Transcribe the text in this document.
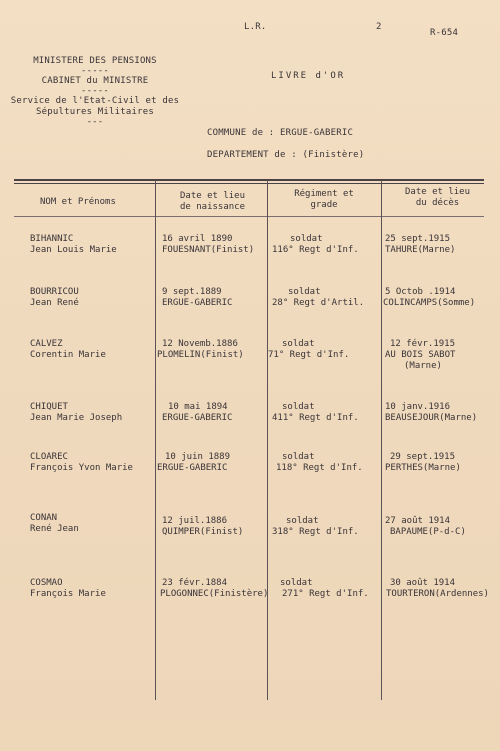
L.R.	2
R-654
MINISTERE DES PENSIONS
-----
CABINET du MINISTRE
-----
Service de l'Etat-Civil et des
Sépultures Militaires
---
LIVRE d'OR
COMMUNE de : ERGUE-GABERIC
DEPARTEMENT de : (Finistère)
NOM et Prénoms
Date et lieu
de naissance
Régiment et
grade
Date et lieu
du décès
BIHANNIC
Jean Louis Marie
16 avril 1890
FOUESNANT(Finist)
soldat
116° Regt d'Inf.
25 sept.1915
TAHURE(Marne)
BOURRICOU
Jean René
9 sept.1889
ERGUE-GABERIC
soldat
28° Regt d'Artil.
5 Octob .1914
COLINCAMPS(Somme)
CALVEZ
Corentin Marie
12 Novemb.1886
PLOMELIN(Finist)
soldat
71° Regt d'Inf.
12 févr.1915
AU BOIS SABOT
(Marne)
CHIQUET
Jean Marie Joseph
10 mai 1894
ERGUE-GABERIC
soldat
411° Regt d'Inf.
10 janv.1916
BEAUSEJOUR(Marne)
CLOAREC
François Yvon Marie
10 juin 1889
ERGUE-GABERIC
soldat
118° Regt d'Inf.
29 sept.1915
PERTHES(Marne)
CONAN
René Jean
12 juil.1886
QUIMPER(Finist)
soldat
318° Regt d'Inf.
27 août 1914
BAPAUME(P-d-C)
COSMAO
François Marie
23 févr.1884
PLOGONNEC(Finistère)
soldat
271° Regt d'Inf.
30 août 1914
TOURTERON(Ardennes)
